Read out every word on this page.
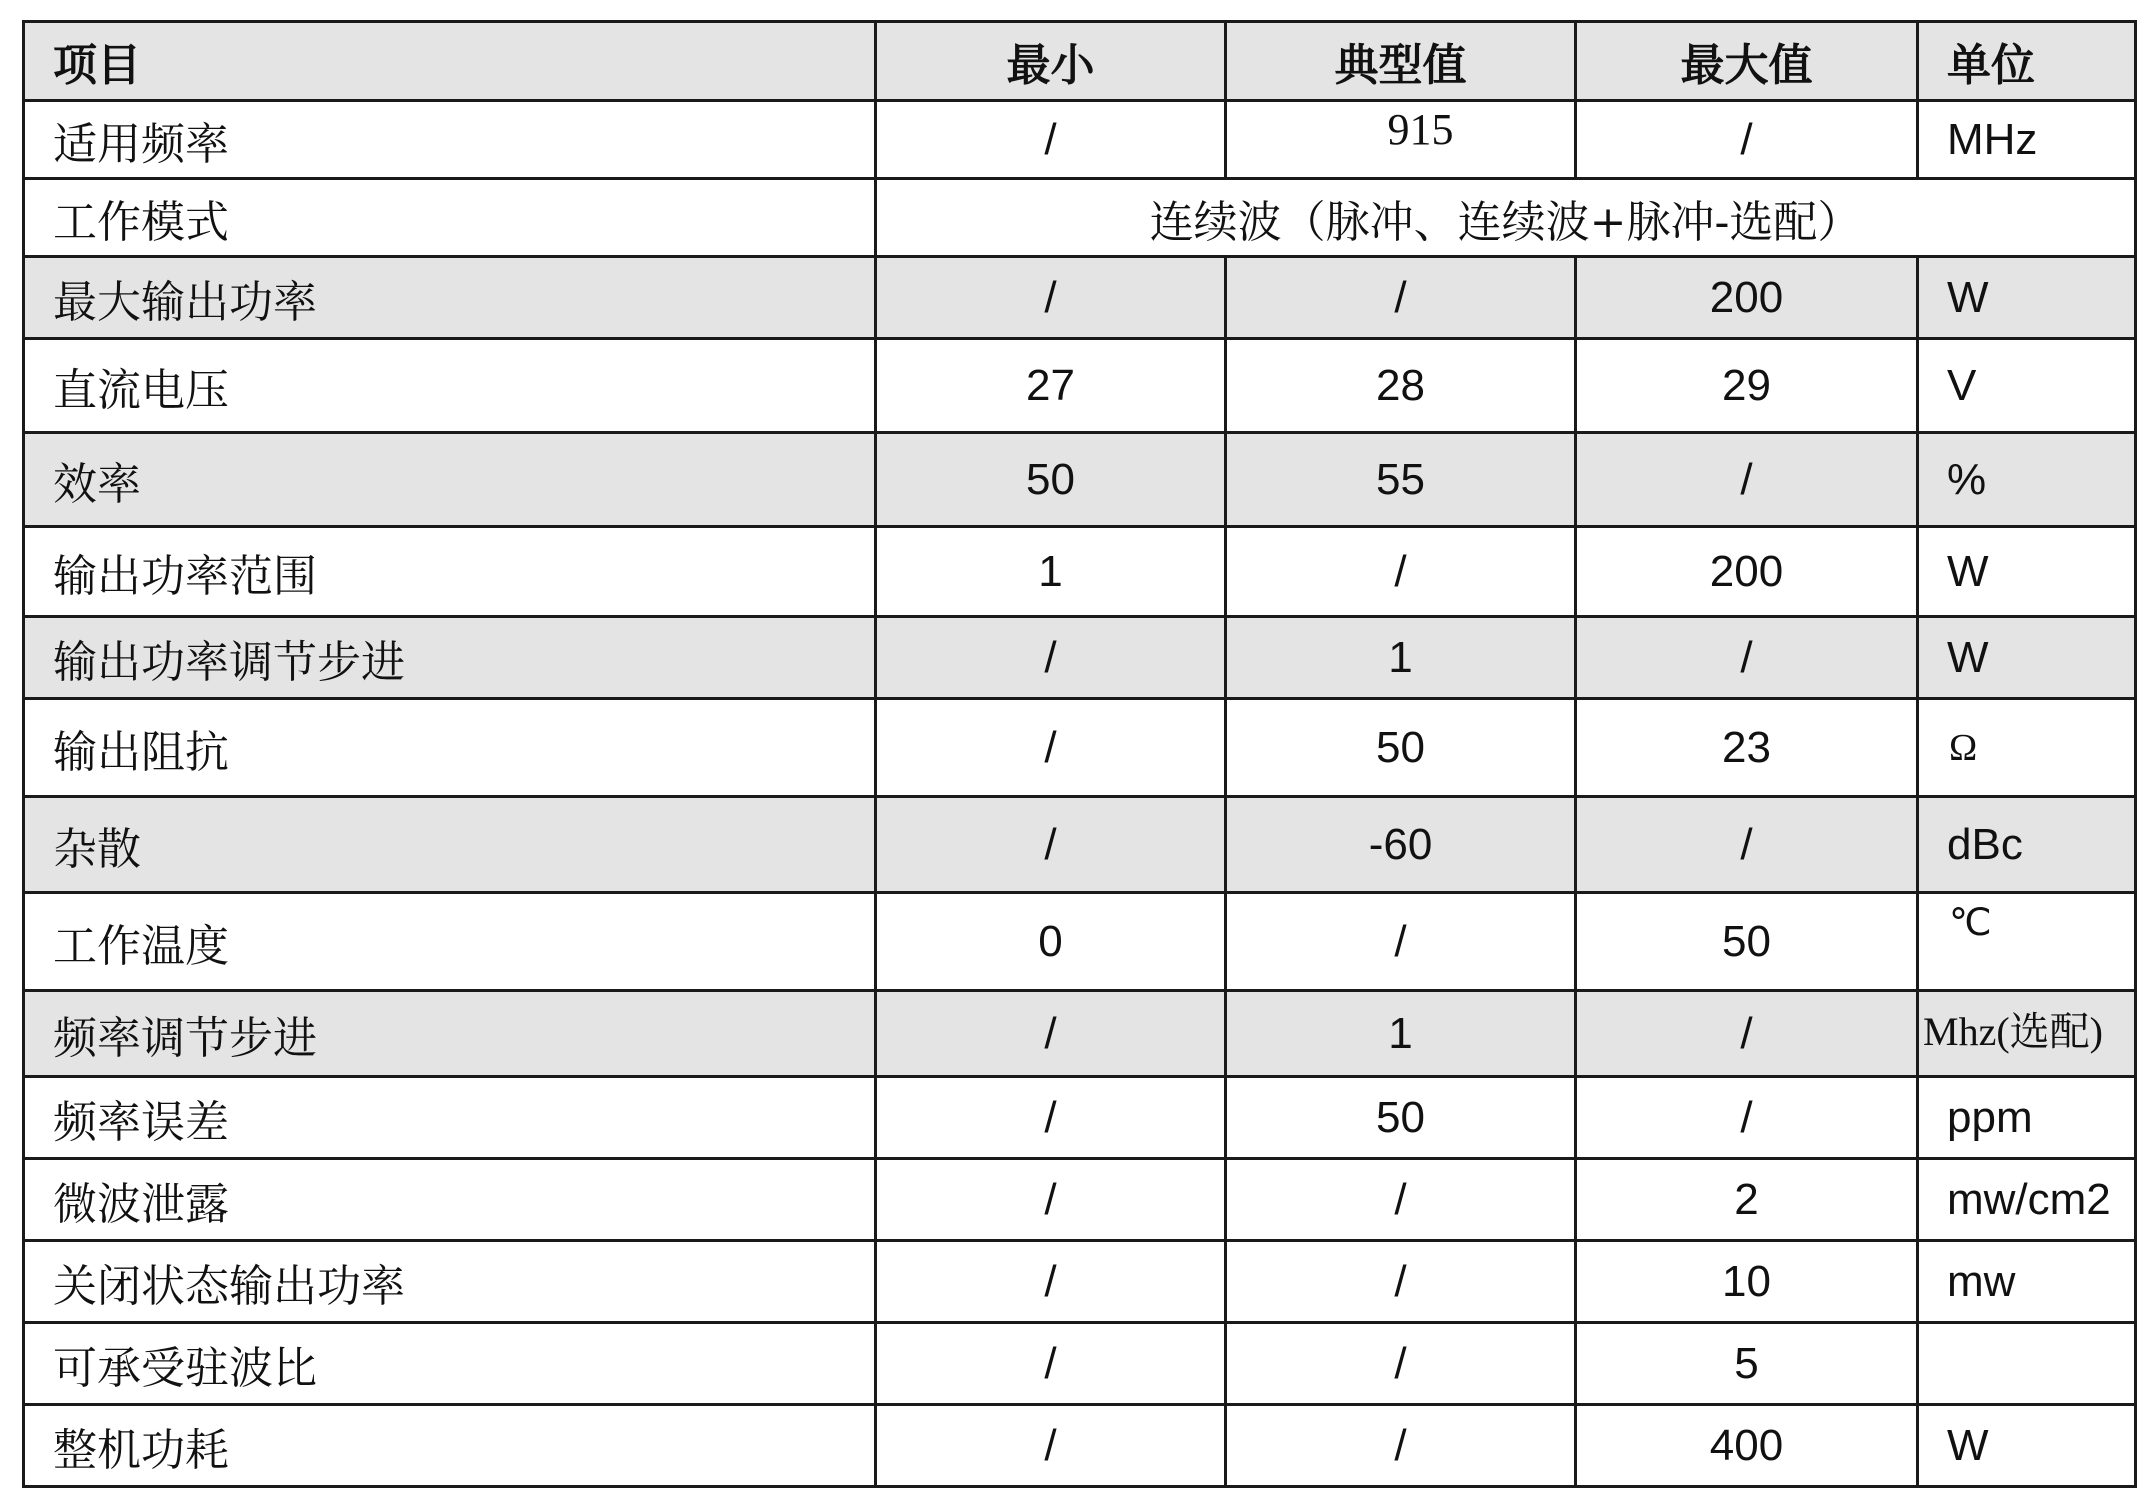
项目	最小	典型值	最大值	单位
适用频率	/	915	/	MHz
工作模式	连续波（脉冲、连续波+脉冲-选配）			
最大输出功率	/	/	200	W
直流电压	27	28	29	V
效率	50	55	/	%
输出功率范围	1	/	200	W
输出功率调节步进	/	1	/	W
输出阻抗	/	50	23	Ω
杂散	/	-60	/	dBc
工作温度	0	/	50	℃
频率调节步进	/	1	/	Mhz(选配)
频率误差	/	50	/	ppm
微波泄露	/	/	2	mw/cm2
关闭状态输出功率	/	/	10	mw
可承受驻波比	/	/	5	
整机功耗	/	/	400	W
